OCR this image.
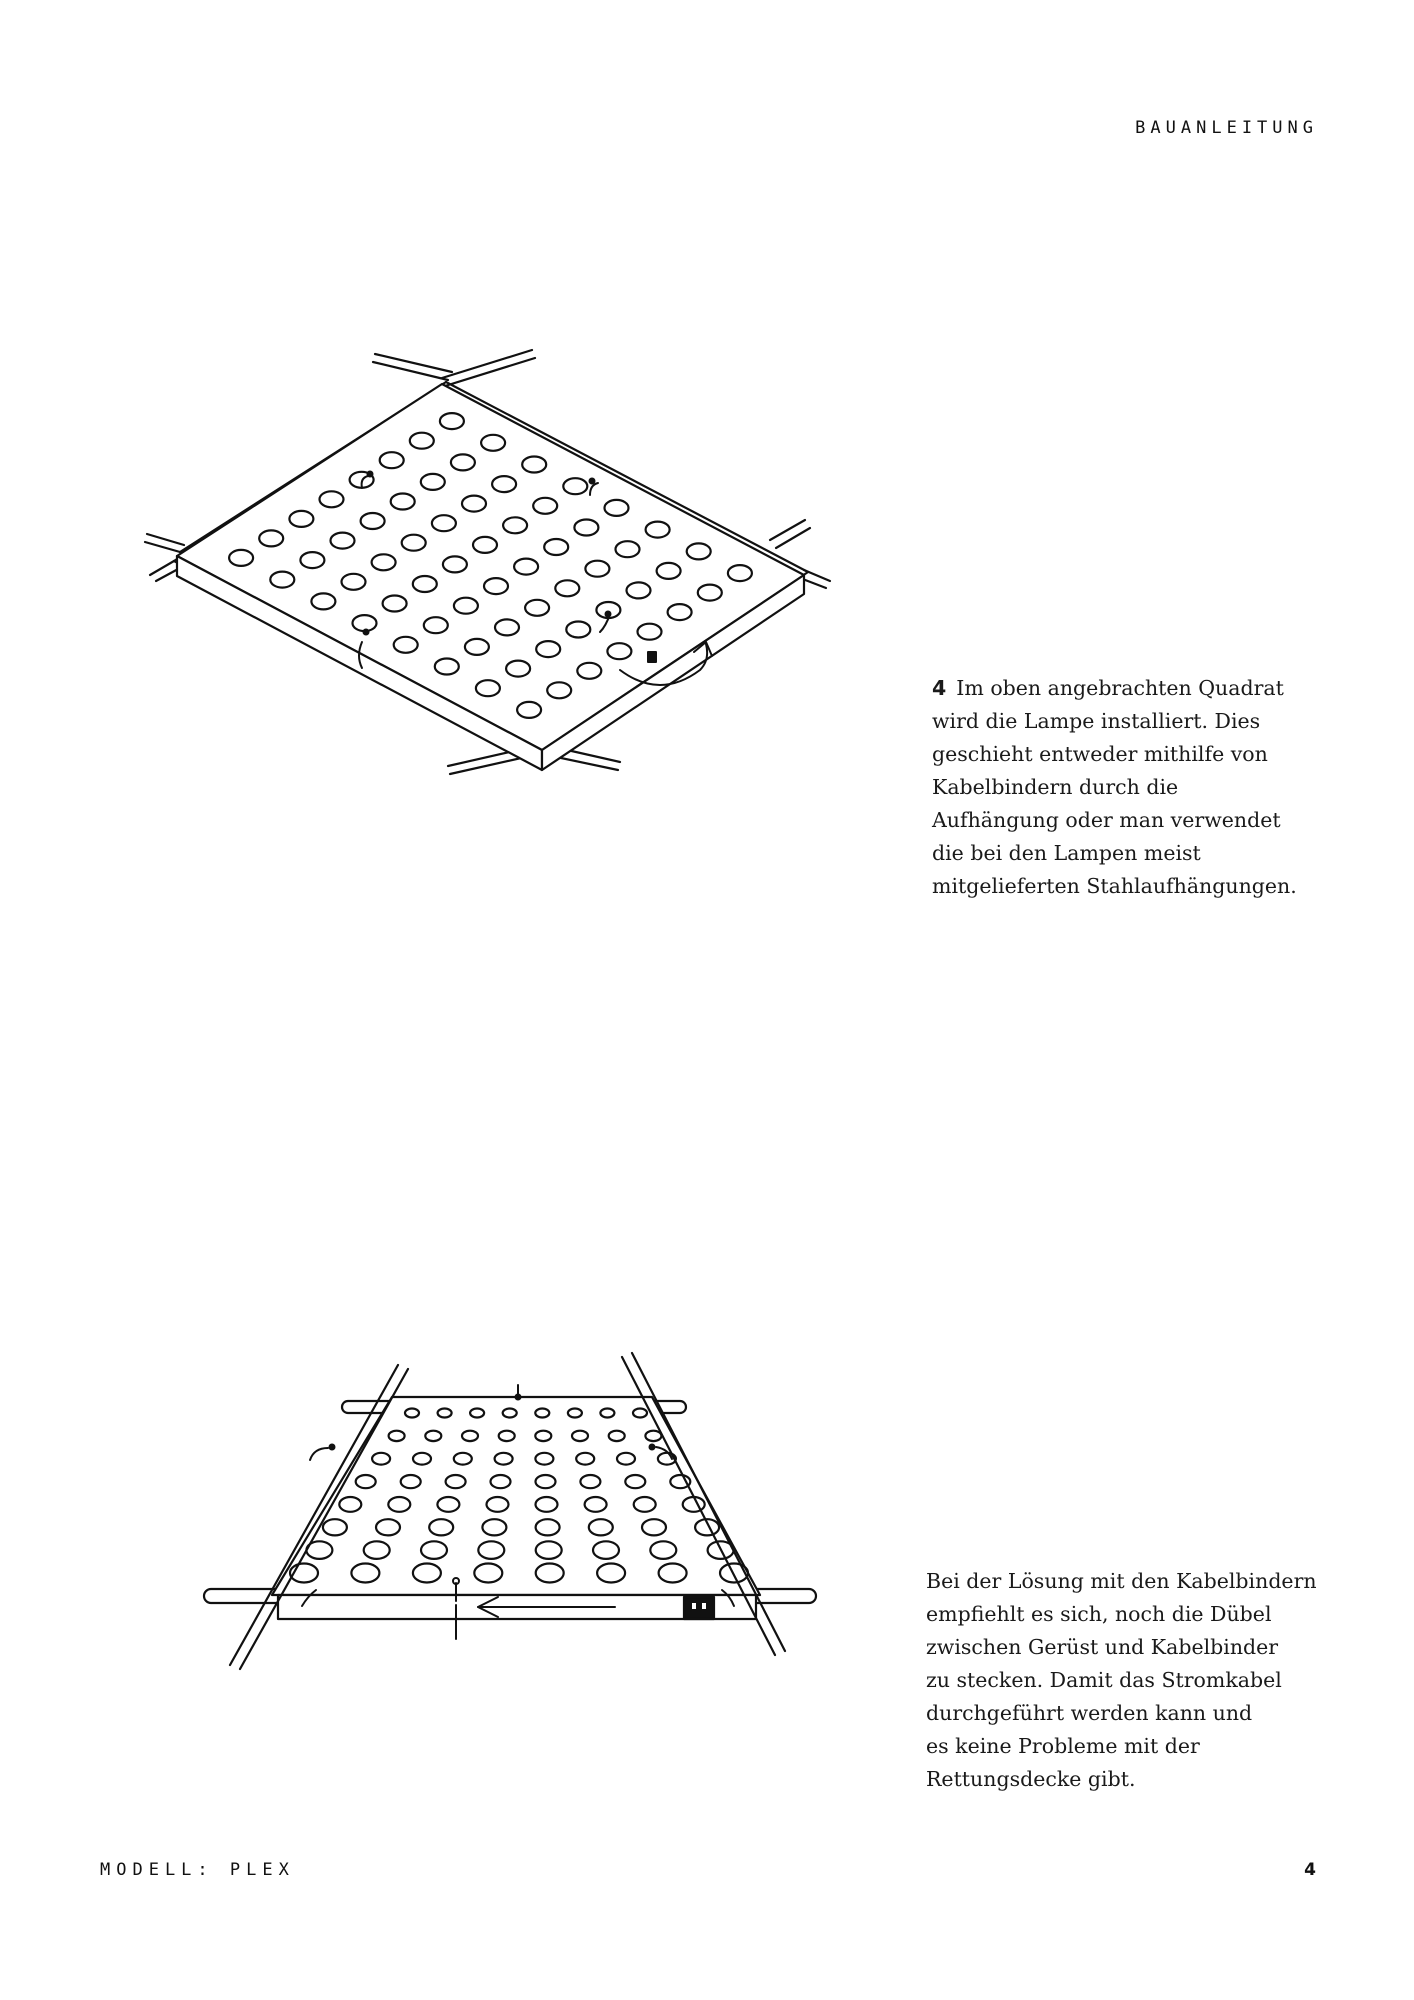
BAUANLEITUNG

4 Im oben angebrachten Quadrat

wird die Lampe installiert. Dies

geschieht entweder mithilfe von

Kabelbindern durch die

Aufhängung oder man verwendet

die bei den Lampen meist

mitgelieferten Stahlaufhängungen.

Bei der Lösung mit den Kabelbindern

empfiehlt es sich, noch die Dübel

zwischen Gerüst und Kabelbinder

zu stecken. Damit das Stromkabel

durchgeführt werden kann und

es keine Probleme mit der

Rettungsdecke gibt.

MODELL: PLEX	4
